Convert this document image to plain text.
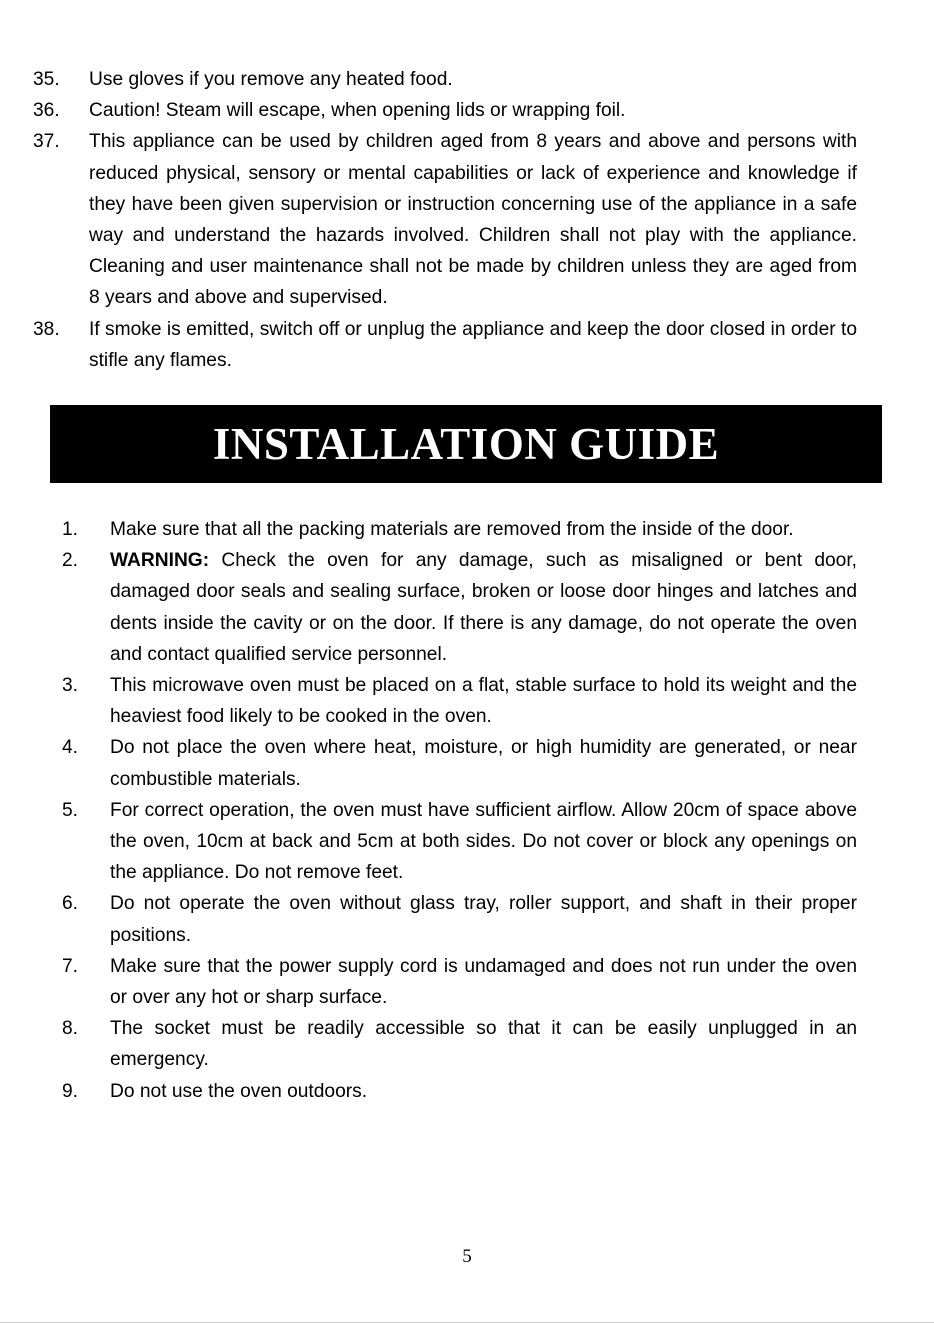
35. Use gloves if you remove any heated food.
36. Caution! Steam will escape, when opening lids or wrapping foil.
37. This appliance can be used by children aged from 8 years and above and persons with reduced physical, sensory or mental capabilities or lack of experience and knowledge if they have been given supervision or instruction concerning use of the appliance in a safe way and understand the hazards involved. Children shall not play with the appliance. Cleaning and user maintenance shall not be made by children unless they are aged from 8 years and above and supervised.
38. If smoke is emitted, switch off or unplug the appliance and keep the door closed in order to stifle any flames.
INSTALLATION GUIDE
1. Make sure that all the packing materials are removed from the inside of the door.
2. WARNING: Check the oven for any damage, such as misaligned or bent door, damaged door seals and sealing surface, broken or loose door hinges and latches and dents inside the cavity or on the door. If there is any damage, do not operate the oven and contact qualified service personnel.
3. This microwave oven must be placed on a flat, stable surface to hold its weight and the heaviest food likely to be cooked in the oven.
4. Do not place the oven where heat, moisture, or high humidity are generated, or near combustible materials.
5. For correct operation, the oven must have sufficient airflow. Allow 20cm of space above the oven, 10cm at back and 5cm at both sides. Do not cover or block any openings on the appliance. Do not remove feet.
6. Do not operate the oven without glass tray, roller support, and shaft in their proper positions.
7. Make sure that the power supply cord is undamaged and does not run under the oven or over any hot or sharp surface.
8. The socket must be readily accessible so that it can be easily unplugged in an emergency.
9. Do not use the oven outdoors.
5
